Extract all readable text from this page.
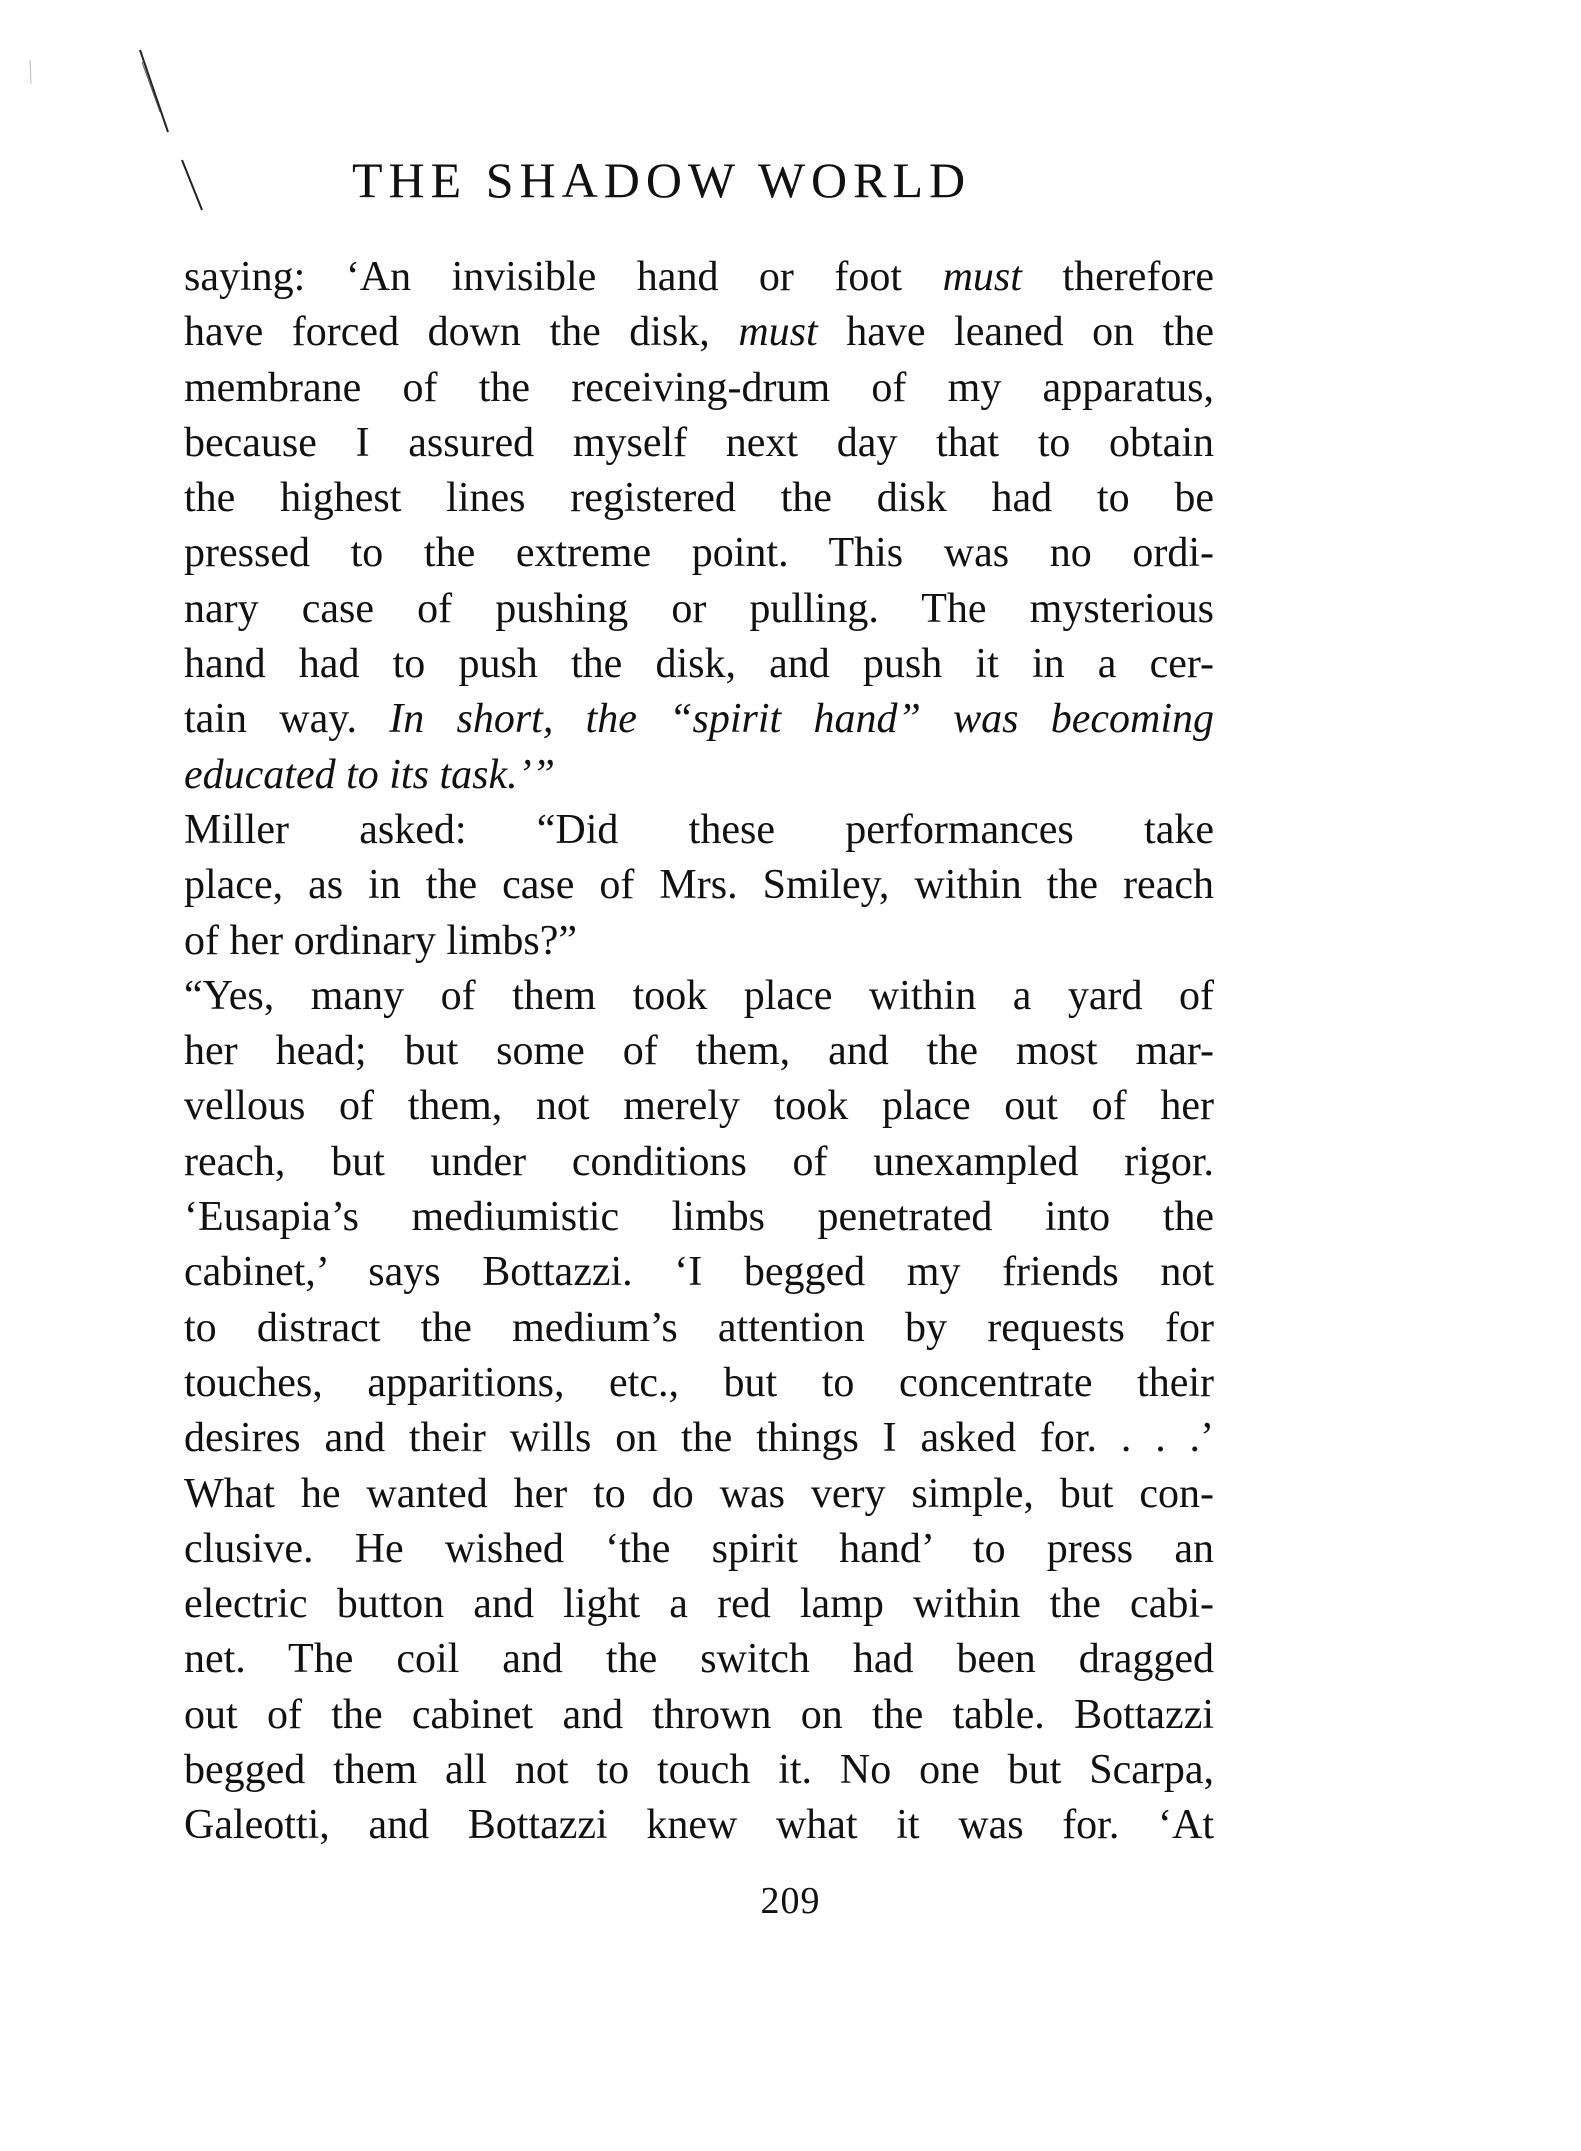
THE SHADOW WORLD
saying: ‘An invisible hand or foot must therefore
have forced down the disk, must have leaned on the
membrane of the receiving-drum of my apparatus,
because I assured myself next day that to obtain
the highest lines registered the disk had to be
pressed to the extreme point. This was no ordi-
nary case of pushing or pulling. The mysterious
hand had to push the disk, and push it in a cer-
tain way. In short, the “spirit hand” was becoming
educated to its task.’”
Miller asked: “Did these performances take
place, as in the case of Mrs. Smiley, within the reach
of her ordinary limbs?”
“Yes, many of them took place within a yard of
her head; but some of them, and the most mar-
vellous of them, not merely took place out of her
reach, but under conditions of unexampled rigor.
‘Eusapia’s mediumistic limbs penetrated into the
cabinet,’ says Bottazzi. ‘I begged my friends not
to distract the medium’s attention by requests for
touches, apparitions, etc., but to concentrate their
desires and their wills on the things I asked for. . . .’
What he wanted her to do was very simple, but con-
clusive. He wished ‘the spirit hand’ to press an
electric button and light a red lamp within the cabi-
net. The coil and the switch had been dragged
out of the cabinet and thrown on the table. Bottazzi
begged them all not to touch it. No one but Scarpa,
Galeotti, and Bottazzi knew what it was for. ‘At
209
